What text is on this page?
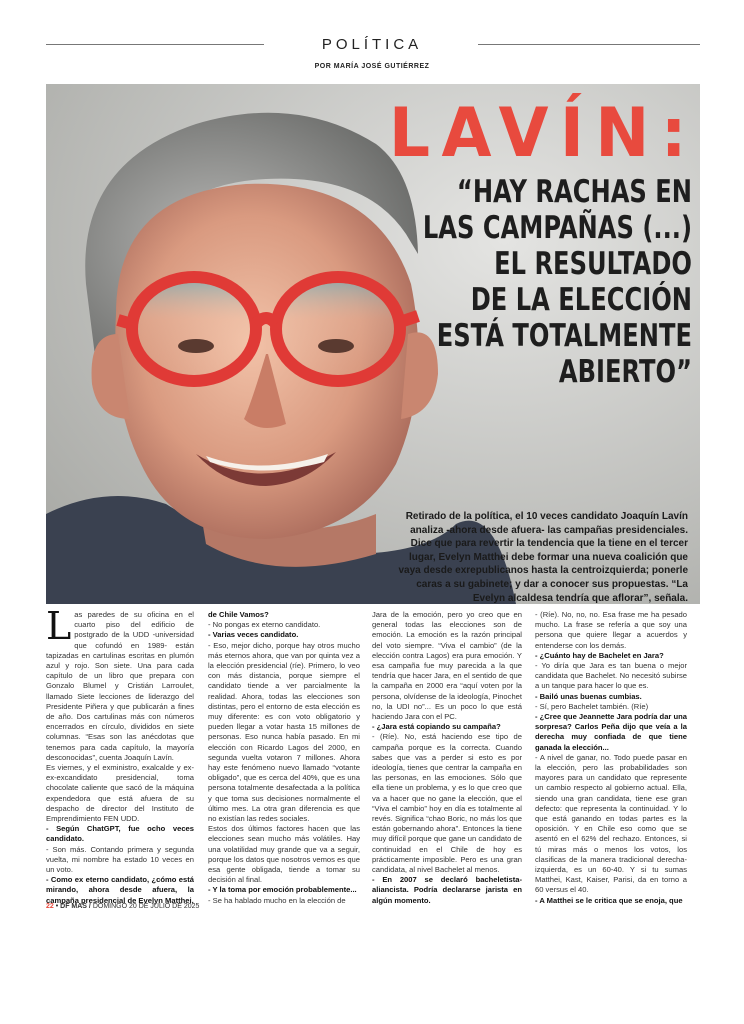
POLÍTICA
POR MARÍA JOSÉ GUTIÉRREZ
LAVÍN:
“HAY RACHAS EN
LAS CAMPAÑAS (...)
EL RESULTADO
DE LA ELECCIÓN
ESTÁ TOTALMENTE
ABIERTO”
Retirado de la política, el 10 veces candidato Joaquín Lavín analiza -ahora desde afuera- las campañas presidenciales. Dice que para revertir la tendencia que la tiene en el tercer lugar, Evelyn Matthei debe formar una nueva coalición que vaya desde exrepublicanos hasta la centroizquierda; ponerle caras a su gabinete; y dar a conocer sus propuestas. “La Evelyn alcaldesa tendría que aflorar”, señala.
L as paredes de su oficina en el cuarto piso del edificio de postgrado de la UDD -universidad que cofundó en 1989- están tapizadas en cartulinas escritas en plumón azul y rojo. Son siete. Una para cada capítulo de un libro que prepara con Gonzalo Blumel y Cristián Larroulet, llamado Siete lecciones de liderazgo del Presidente Piñera y que publicarán a fines de año. Dos cartulinas más con números encerrados en círculo, divididos en siete columnas. “Esas son las anécdotas que tenemos para cada capítulo, la mayoría desconocidas”, cuenta Joaquín Lavín.

Es viernes, y el exministro, exalcalde y ex-ex-excandidato presidencial, toma chocolate caliente que sacó de la máquina expendedora que está afuera de su despacho de director del Instituto de Emprendimiento FEN UDD.

- Según ChatGPT, fue ocho veces candidato.

- Son más. Contando primera y segunda vuelta, mi nombre ha estado 10 veces en un voto.

- Como ex eterno candidato, ¿cómo está mirando, ahora desde afuera, la campaña presidencial de Evelyn Matthei,

de Chile Vamos?

- No pongas ex eterno candidato.

- Varias veces candidato.

- Eso, mejor dicho, porque hay otros mucho más eternos ahora, que van por quinta vez a la elección presidencial (ríe). Primero, lo veo con más distancia, porque siempre el candidato tiende a ver parcialmente la realidad. Ahora, todas las elecciones son distintas, pero el entorno de esta elección es muy diferente: es con voto obligatorio y pueden llegar a votar hasta 15 millones de personas. Eso nunca había pasado. En mi elección con Ricardo Lagos del 2000, en segunda vuelta votaron 7 millones. Ahora hay este fenómeno nuevo llamado “votante obligado”, que es cerca del 40%, que es una persona totalmente desafectada a la política y que toma sus decisiones normalmente el último mes. La otra gran diferencia es que no existían las redes sociales.

Estos dos últimos factores hacen que las elecciones sean mucho más volátiles. Hay una volatilidad muy grande que va a seguir, porque los datos que nosotros vemos es que esa gente obligada, tiende a tomar su decisión al final.

- Y la toma por emoción probablemente...

- Se ha hablado mucho en la elección de

Jara de la emoción, pero yo creo que en general todas las elecciones son de emoción. La emoción es la razón principal del voto siempre. “Viva el cambio” (de la elección contra Lagos) era pura emoción. Y esa campaña fue muy parecida a la que tendría que hacer Jara, en el sentido de que la campaña en 2000 era “aquí voten por la persona, olvídense de la ideología, Pinochet no, la UDI no”... Es un poco lo que está haciendo Jara con el PC.

- ¿Jara está copiando su campaña?

- (Ríe). No, está haciendo ese tipo de campaña porque es la correcta. Cuando sabes que vas a perder si esto es por ideología, tienes que centrar la campaña en las personas, en las emociones. Sólo que ella tiene un problema, y es lo que creo que va a hacer que no gane la elección, que el “Viva el cambio” hoy en día es totalmente al revés. Significa “chao Boric, no más los que están gobernando ahora”. Entonces la tiene muy difícil porque que gane un candidato de continuidad en el Chile de hoy es prácticamente imposible. Pero es una gran candidata, al nivel Bachelet al menos.

- En 2007 se declaró bacheletista-aliancista. Podría declararse jarista en algún momento.

- (Ríe). No, no, no. Esa frase me ha pesado mucho. La frase se refería a que soy una persona que quiere llegar a acuerdos y entenderse con los demás.

- ¿Cuánto hay de Bachelet en Jara?

- Yo diría que Jara es tan buena o mejor candidata que Bachelet. No necesitó subirse a un tanque para hacer lo que es.

- Bailó unas buenas cumbias.

- Sí, pero Bachelet también. (Ríe)

- ¿Cree que Jeannette Jara podría dar una sorpresa? Carlos Peña dijo que veía a la derecha muy confiada de que tiene ganada la elección...

- A nivel de ganar, no. Todo puede pasar en la elección, pero las probabilidades son mayores para un candidato que represente un cambio respecto al gobierno actual. Ella, siendo una gran candidata, tiene ese gran defecto: que representa la continuidad. Y lo que está ganando en todas partes es la oposición. Y en Chile eso como que se asentó en el 62% del rechazo. Entonces, si tú miras más o menos los votos, los clasificas de la manera tradicional derecha-izquierda, es un 60-40. Y si tu sumas Matthei, Kast, Kaiser, Parisi, da en torno a 60 versus el 40.

- A Matthei se le critica que se enoja, que

22 • DF MAS / DOMINGO 20 DE JULIO DE 2025
